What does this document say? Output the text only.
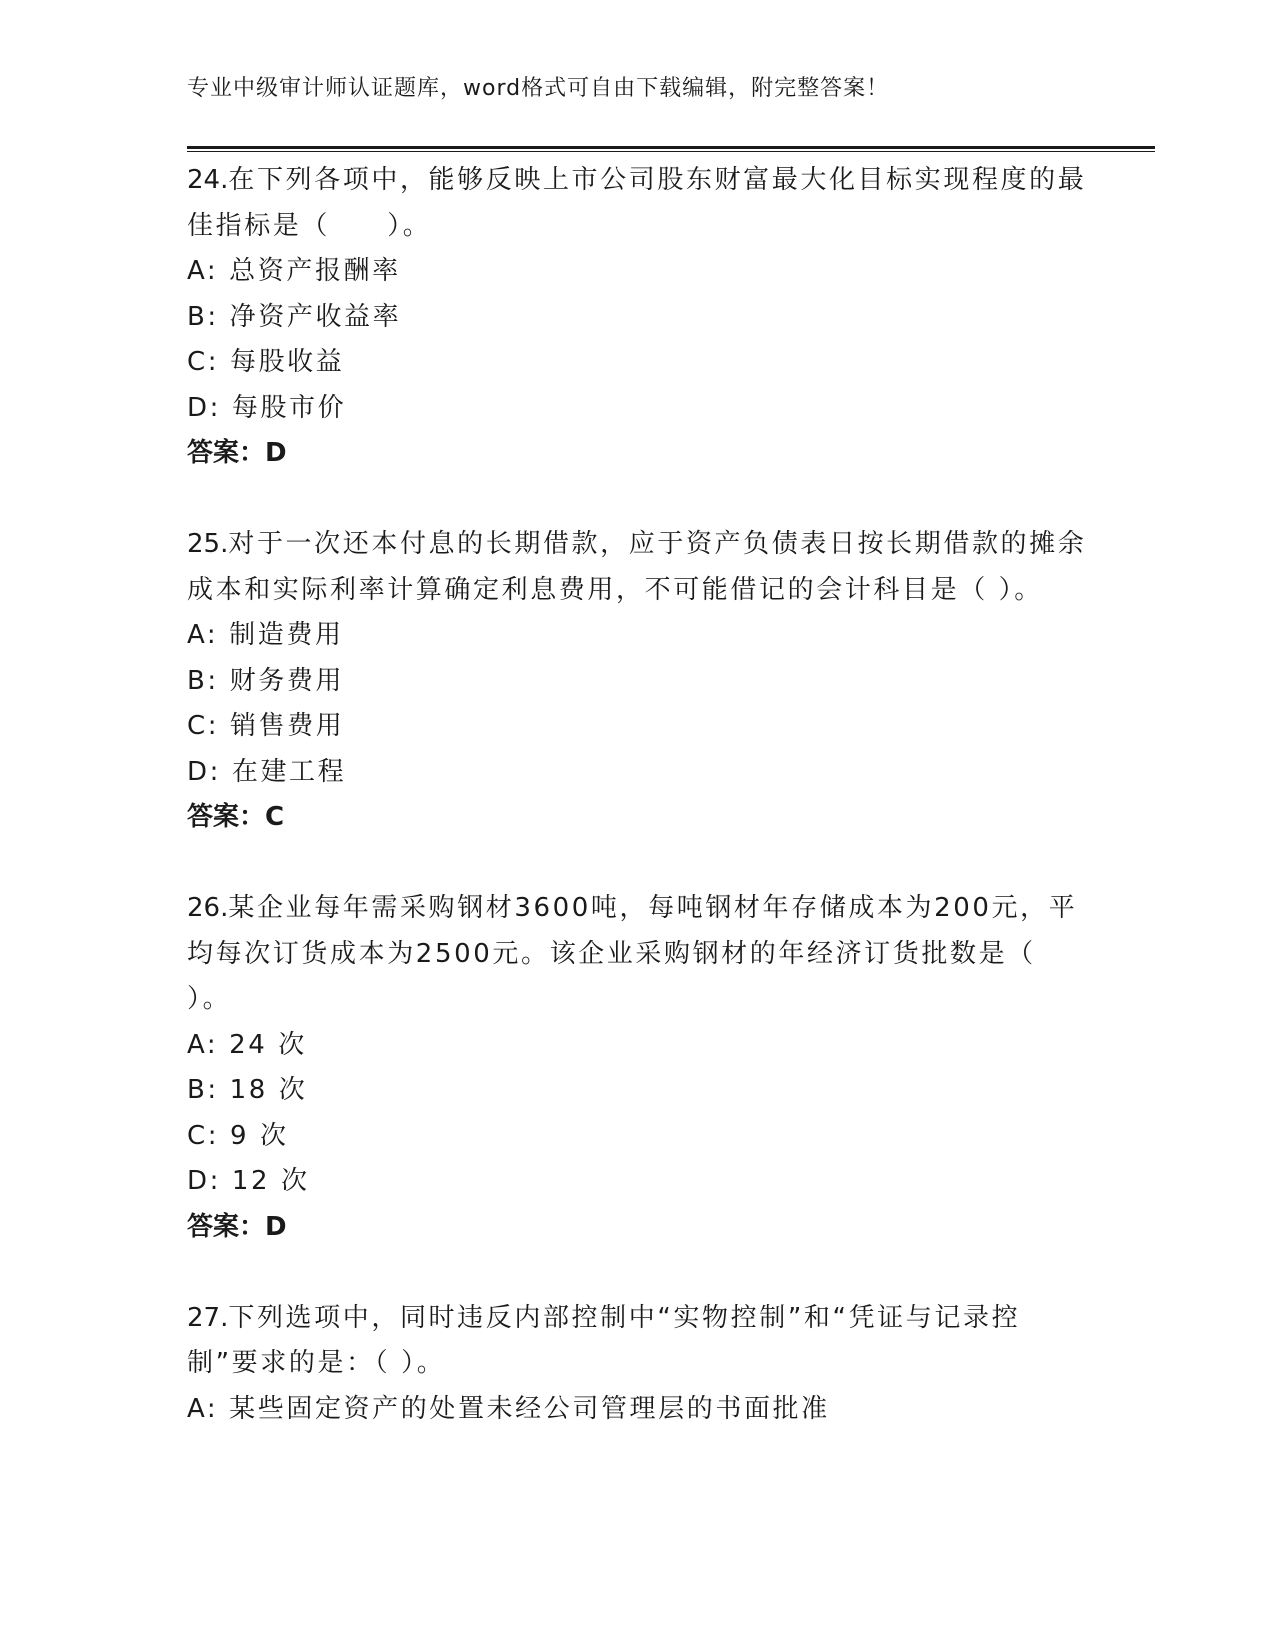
专业中级审计师认证题库，word格式可自由下载编辑，附完整答案！

24.在下列各项中，能够反映上市公司股东财富最大化目标实现程度的最佳指标是（　　）。

A: 总资产报酬率

B: 净资产收益率

C: 每股收益

D: 每股市价

答案：D

25.对于一次还本付息的长期借款，应于资产负债表日按长期借款的摊余成本和实际利率计算确定利息费用，不可能借记的会计科目是（ ）。

A: 制造费用

B: 财务费用

C: 销售费用

D: 在建工程

答案：C

26.某企业每年需采购钢材3600吨，每吨钢材年存储成本为200元，平均每次订货成本为2500元。该企业采购钢材的年经济订货批数是（ ）。

A: 24 次

B: 18 次

C: 9 次

D: 12 次

答案：D

27.下列选项中，同时违反内部控制中“实物控制”和“凭证与记录控制”要求的是：（ ）。

A: 某些固定资产的处置未经公司管理层的书面批准
